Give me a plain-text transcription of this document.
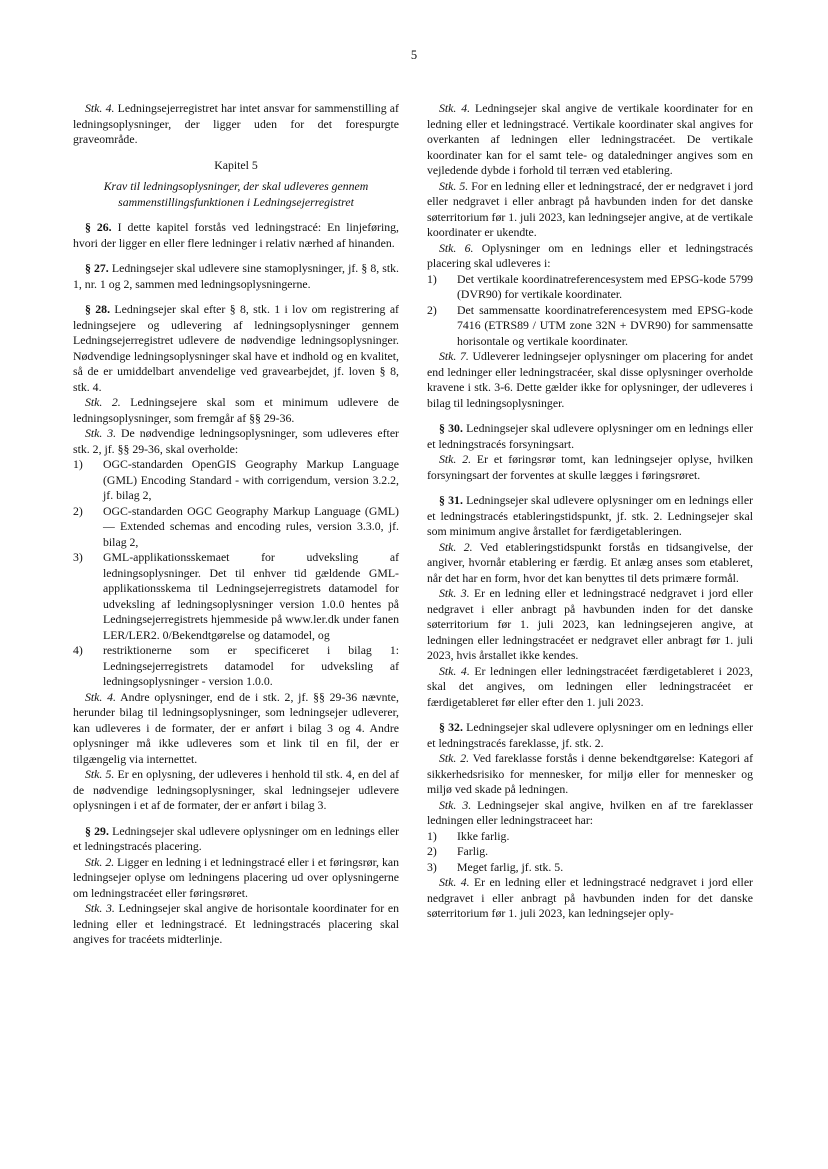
5

Stk. 4. Ledningsejerregistret har intet ansvar for sammenstilling af ledningsoplysninger, der ligger uden for det forespurgte graveområde.

Kapitel 5

Krav til ledningsoplysninger, der skal udleveres gennem
sammenstillingsfunktionen i Ledningsejerregistret

§ 26. I dette kapitel forstås ved ledningstracé: En linjeføring, hvori der ligger en eller flere ledninger i relativ nærhed af hinanden.

§ 27. Ledningsejer skal udlevere sine stamoplysninger, jf. § 8, stk. 1, nr. 1 og 2, sammen med ledningsoplysningerne.

§ 28. Ledningsejer skal efter § 8, stk. 1 i lov om registrering af ledningsejere og udlevering af ledningsoplysninger gennem Ledningsejerregistret udlevere de nødvendige ledningsoplysninger. Nødvendige ledningsoplysninger skal have et indhold og en kvalitet, så de er umiddelbart anvendelige ved gravearbejdet, jf. loven § 8, stk. 4.

Stk. 2. Ledningsejere skal som et minimum udlevere de ledningsoplysninger, som fremgår af §§ 29-36.

Stk. 3. De nødvendige ledningsoplysninger, som udleveres efter stk. 2, jf. §§ 29-36, skal overholde:

1)	OGC-standarden OpenGIS Geography Markup Language (GML) Encoding Standard - with corrigendum, version 3.2.2, jf. bilag 2,
2)	OGC-standarden OGC Geography Markup Language (GML) — Extended schemas and encoding rules, version 3.3.0, jf. bilag 2,
3)	GML-applikationsskemaet for udveksling af ledningsoplysninger. Det til enhver tid gældende GML-applikationsskema til Ledningsejerregistrets datamodel for udveksling af ledningsoplysninger version 1.0.0 hentes på Ledningsejerregistrets hjemmeside på www.ler.dk under fanen LER/LER2. 0/Bekendtgørelse og datamodel, og
4)	restriktionerne som er specificeret i bilag 1: Ledningsejerregistrets datamodel for udveksling af ledningsoplysninger - version 1.0.0.

Stk. 4. Andre oplysninger, end de i stk. 2, jf. §§ 29-36 nævnte, herunder bilag til ledningsoplysninger, som ledningsejer udleverer, kan udleveres i de formater, der er anført i bilag 3 og 4. Andre oplysninger må ikke udleveres som et link til en fil, der er tilgængelig via internettet.

Stk. 5. Er en oplysning, der udleveres i henhold til stk. 4, en del af de nødvendige ledningsoplysninger, skal ledningsejer udlevere oplysningen i et af de formater, der er anført i bilag 3.

§ 29. Ledningsejer skal udlevere oplysninger om en lednings eller et ledningstracés placering.

Stk. 2. Ligger en ledning i et ledningstracé eller i et føringsrør, kan ledningsejer oplyse om ledningens placering ud over oplysningerne om ledningstracéet eller føringsrøret.

Stk. 3. Ledningsejer skal angive de horisontale koordinater for en ledning eller et ledningstracé. Et ledningstracés placering skal angives for tracéets midterlinje.

Stk. 4. Ledningsejer skal angive de vertikale koordinater for en ledning eller et ledningstracé. Vertikale koordinater skal angives for overkanten af ledningen eller ledningstracéet. De vertikale koordinater kan for el samt tele- og dataledninger angives som en vejledende dybde i forhold til terræn ved etablering.

Stk. 5. For en ledning eller et ledningstracé, der er nedgravet i jord eller nedgravet i eller anbragt på havbunden inden for det danske søterritorium før 1. juli 2023, kan ledningsejer angive, at de vertikale koordinater er ukendte.

Stk. 6. Oplysninger om en lednings eller et ledningstracés placering skal udleveres i:

1)	Det vertikale koordinatreferencesystem med EPSG-kode 5799 (DVR90) for vertikale koordinater.
2)	Det sammensatte koordinatreferencesystem med EPSG-kode 7416 (ETRS89 / UTM zone 32N + DVR90) for sammensatte horisontale og vertikale koordinater.

Stk. 7. Udleverer ledningsejer oplysninger om placering for andet end ledninger eller ledningstracéer, skal disse oplysninger overholde kravene i stk. 3-6. Dette gælder ikke for oplysninger, der udleveres i bilag til ledningsoplysninger.

§ 30. Ledningsejer skal udlevere oplysninger om en lednings eller et ledningstracés forsyningsart.

Stk. 2. Er et føringsrør tomt, kan ledningsejer oplyse, hvilken forsyningsart der forventes at skulle lægges i føringsrøret.

§ 31. Ledningsejer skal udlevere oplysninger om en lednings eller et ledningstracés etableringstidspunkt, jf. stk. 2. Ledningsejer skal som minimum angive årstallet for færdigetableringen.

Stk. 2. Ved etableringstidspunkt forstås en tidsangivelse, der angiver, hvornår etablering er færdig. Et anlæg anses som etableret, når det har en form, hvor det kan benyttes til dets primære formål.

Stk. 3. Er en ledning eller et ledningstracé nedgravet i jord eller nedgravet i eller anbragt på havbunden inden for det danske søterritorium før 1. juli 2023, kan ledningsejeren angive, at ledningen eller ledningstracéet er nedgravet eller anbragt før 1. juli 2023, hvis årstallet ikke kendes.

Stk. 4. Er ledningen eller ledningstracéet færdigetableret i 2023, skal det angives, om ledningen eller ledningstracéet er færdigetableret før eller efter den 1. juli 2023.

§ 32. Ledningsejer skal udlevere oplysninger om en lednings eller et ledningstracés fareklasse, jf. stk. 2.

Stk. 2. Ved fareklasse forstås i denne bekendtgørelse: Kategori af sikkerhedsrisiko for mennesker, for miljø eller for mennesker og miljø ved skade på ledningen.

Stk. 3. Ledningsejer skal angive, hvilken en af tre fareklasser ledningen eller ledningstraceet har:

1)	Ikke farlig.
2)	Farlig.
3)	Meget farlig, jf. stk. 5.

Stk. 4. Er en ledning eller et ledningstracé nedgravet i jord eller nedgravet i eller anbragt på havbunden inden for det danske søterritorium før 1. juli 2023, kan ledningsejer oply-
